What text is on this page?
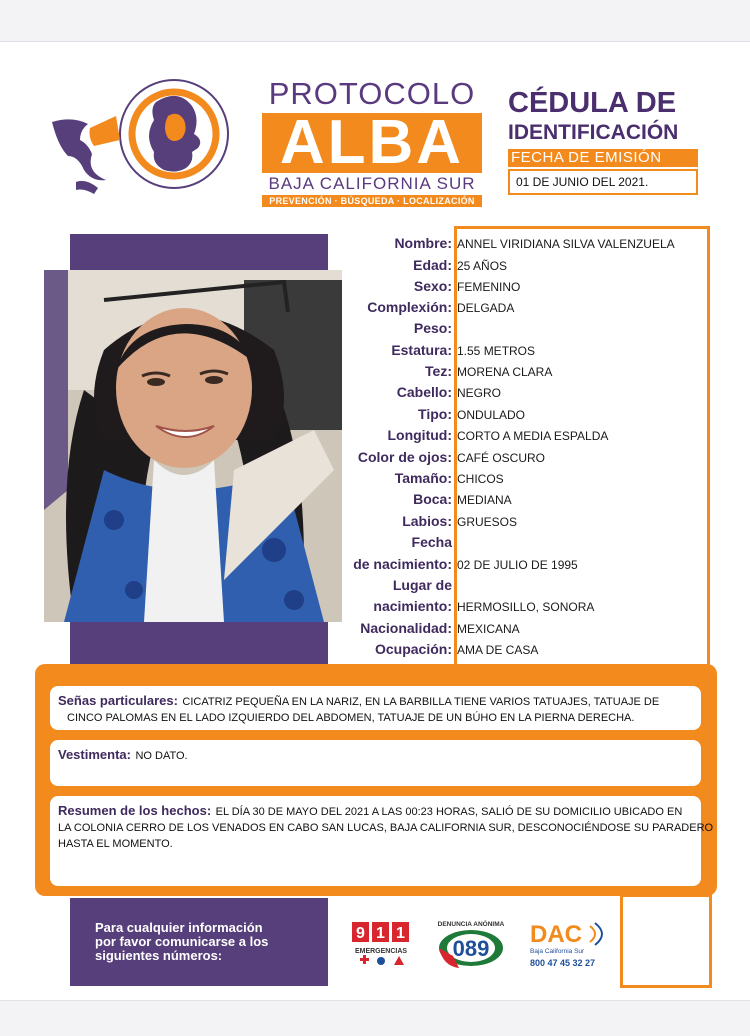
PROTOCOLO
ALBA
BAJA CALIFORNIA SUR
PREVENCIÓN · BÚSQUEDA · LOCALIZACIÓN
CÉDULA DE
IDENTIFICACIÓN
FECHA DE EMISIÓN
01 DE JUNIO DEL 2021.
Nombre: ANNEL VIRIDIANA SILVA VALENZUELA
Edad: 25 AÑOS
Sexo: FEMENINO
Complexión: DELGADA
Peso:
Estatura: 1.55 METROS
Tez: MORENA CLARA
Cabello: NEGRO
Tipo: ONDULADO
Longitud: CORTO A MEDIA ESPALDA
Color de ojos: CAFÉ OSCURO
Tamaño: CHICOS
Boca: MEDIANA
Labios: GRUESOS
Fecha
de nacimiento: 02 DE JULIO DE 1995
Lugar de
nacimiento: HERMOSILLO, SONORA
Nacionalidad: MEXICANA
Ocupación: AMA DE CASA
Señas particulares: CICATRIZ PEQUEÑA EN LA NARIZ, EN LA BARBILLA TIENE VARIOS TATUAJES, TATUAJE DE
CINCO PALOMAS EN EL LADO IZQUIERDO DEL ABDOMEN, TATUAJE DE UN BÚHO EN LA PIERNA DERECHA.
Vestimenta: NO DATO.
Resumen de los hechos: EL DÍA 30 DE MAYO DEL 2021 A LAS 00:23 HORAS, SALIÓ DE SU DOMICILIO UBICADO EN
LA COLONIA CERRO DE LOS VENADOS EN CABO SAN LUCAS, BAJA CALIFORNIA SUR, DESCONOCIÉNDOSE SU PARADERO
HASTA EL MOMENTO.
Para cualquier información
por favor comunicarse a los
siguientes números:
9 1 1
EMERGENCIAS
DENUNCIA ANÓNIMA
089
DAC
Baja California Sur
800 47 45 32 27
